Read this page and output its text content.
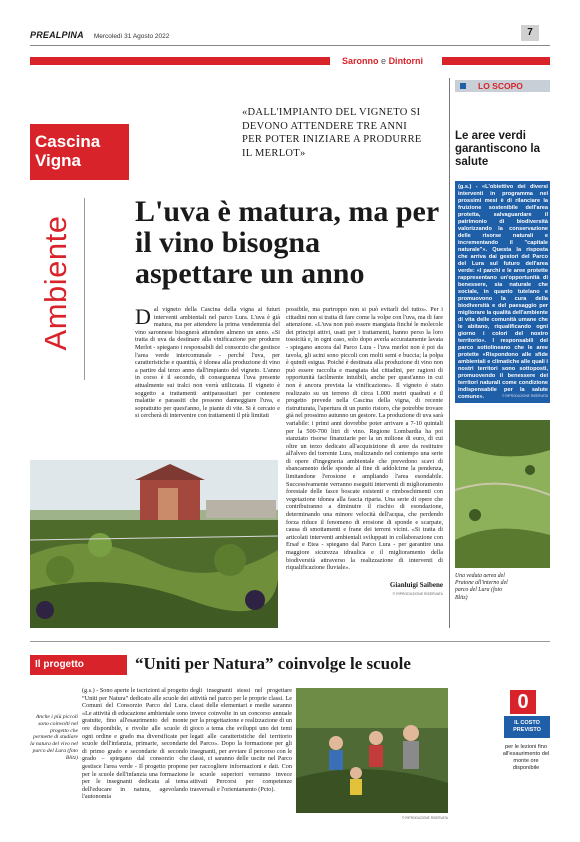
PREALPINA Mercoledì 31 Agosto 2022	7
Saronno e Dintorni
Cascina
Vigna
«DALL'IMPIANTO DEL VIGNETO SI DEVONO ATTENDERE TRE ANNI PER POTER INIZIARE A PRODURRE IL MERLOT»
Ambiente
L'uva è matura, ma per il vino bisogna aspettare un anno
Dal vigneto della Cascina della vigna ai futuri interventi ambientali nel parco Lura. L'uva è già matura, ma per attendere la prima vendemmia del vino saronnese bisognerà attendere almeno un anno. «Si tratta di uva da destinare alla vinificazione per produrre Merlot - spiegano i responsabili del consorzio che gestisce l'area verde intercomunale - perché l'uva, per caratteristiche e quantità, è idonea alla produzione di vino a partire dal terzo anno dall'impianto del vigneto. L'anno in corso è il secondo, di conseguenza l'uva presente attualmente sui tralci non verrà utilizzata. Il vigneto è soggetto a trattamenti antiparassitari per contenere malattie e parassiti che possono danneggiare l'uva, e soprattutto per quest'anno, le piante di vite. Si è cercato e si cercherà di intervenire con trattamenti il più limitati
possibile, ma purtroppo non si può evitarli del tutto». Per i cittadini non si tratta di fare come la volpe con l'uva, ma di fare attenzione. «L'uva non può essere mangiata finché le molecole dei principi attivi, usati per i trattamenti, hanno perso la loro tossicità e, in ogni caso, solo dopo averla accuratamente lavata - spiegano ancora dal Parco Lura - l'uva merlot non è poi da tavola, gli acini sono piccoli con molti semi e buccia; la polpa è quindi esigua. Poiché è destinata alla produzione di vino non può essere raccolta e mangiata dai cittadini, per ragioni di opportunità facilmente intuibili, anche per quest'anno in cui non è ancora prevista la vinificazione». Il vigneto è stato realizzato su un terreno di circa 1.000 metri quadrati e il progetto prevede nella Cascina della vigna, di recente ristrutturata, l'apertura di un punto ristoro, che potrebbe trovare già nel prossimo autunno un gestore. La produzione di uva sarà variabile: i primi anni dovrebbe poter arrivare a 7-10 quintali per la 500-700 litri di vino. Regione Lombardia ha poi stanziato risorse finanziarie per la un milione di euro, di cui oltre un terzo dedicato all'acquisizione di aree da restituire all'alveo del torrente Lura, realizzando nel contempo una serie di opere d'ingegneria ambientale che prevedono scavi di sbancamento delle sponde al fine di addolcirne la pendenza, limitandone l'erosione e ampliando l'area esondabile. Successivamente verranno eseguiti interventi di miglioramento forestale delle fasce boscate esistenti e rimboschimenti con vegetazione idonea alla fascia riparia. Una serie di opere che contribuiranno a diminuire il rischio di esondazione, determinando una minore velocità dell'acqua, che perdendo forza riduce il fenomeno di erosione di sponde e scarpate, causa di smottamenti e frane dei terreni vicini. «Si tratta di articolati interventi ambientali sviluppati in collaborazione con Ersaf e Etea - spiegano dal Parco Lura - per garantire una maggiore sicurezza idraulica e il miglioramento della biodiversità attraverso la realizzazione di interventi di riqualificazione fluviale».
Gianluigi Saibene
© RIPRODUZIONE RISERVATA
LO SCOPO
Le aree verdi garantiscono la salute
(g.s.) - «L'obiettivo dei diversi interventi in programma nei prossimi mesi è di rilanciare la fruizione sostenibile dell'area protetta, salvaguardare il patrimonio di biodiversità valorizzando la conservazione delle risorse naturali e incrementando il "capitale naturale"». Questa la risposta che arriva dai gestori del Parco del Lura sul futuro dell'area verde: «I parchi e le aree protette rappresentano un'opportunità di benessere, sia naturale che sociale, in quanto tutelano e promuovono la cura della biodiversità e del paesaggio per migliorare la qualità dell'ambiente di vita delle comunità umane che le abitano, riqualificando ogni giorno i colori del nostro territorio». I responsabili del parco sottolineano che le aree protette «Rispondono alle sfide ambientali e climatiche alle quali i nostri territori sono sottoposti, promuovendo il benessere dei territori naturali come condizione indispensabile per la salute comune».	© RIPRODUZIONE RISERVATA
Una veduta aerea del Pratone all'interno del parco del Lura (foto Blitz)
Il progetto	“Uniti per Natura” coinvolge le scuole
Anche i più piccoli sono coinvolti nel progetto che permette di studiare la natura del vivo nel parco del Lura (foto Blitz)
(g.s.) - Sono aperte le iscrizioni al progetto “Uniti per Natura” dedicato alle scuole dei Comuni del Consorzio Parco del Lura. «Le attività di educazione ambientale sono gratuite, fino all'esaurimento del monte ore disponibile, e rivolte alle scuole di ogni ordine e grado ma diversificate per scuole dell'infanzia, primarie, secondarie di primo grado e secondarie di secondo grado – spiegano dal consorzio che gestisce l'area verde - Il progetto propone per le scuole dell'infanzia una formazione per le insegnanti dedicata al tema dell'educare in natura, agevolando l'autonomia
degli insegnanti stessi nel progettare attività nel parco per le proprie classi. Le classi delle elementari e medie saranno invece coinvolte in un concorso annuale per la progettazione e realizzazione di un gioco a tema che sviluppi uno dei temi legati alle caratteristiche del territorio del Parco». Dopo la formazione per gli insegnanti, per avviare il percorso con le classi, ci saranno delle uscite nel Parco per raccogliere informazioni e dati. Con le scuole superiori verranno invece attivati Percorsi per competenze trasversali e l'orientamento (Pcto).
© RIPRODUZIONE RISERVATA
0
IL COSTO
PREVISTO
per le lezioni fino all'esaurimento del monte ore disponibile
